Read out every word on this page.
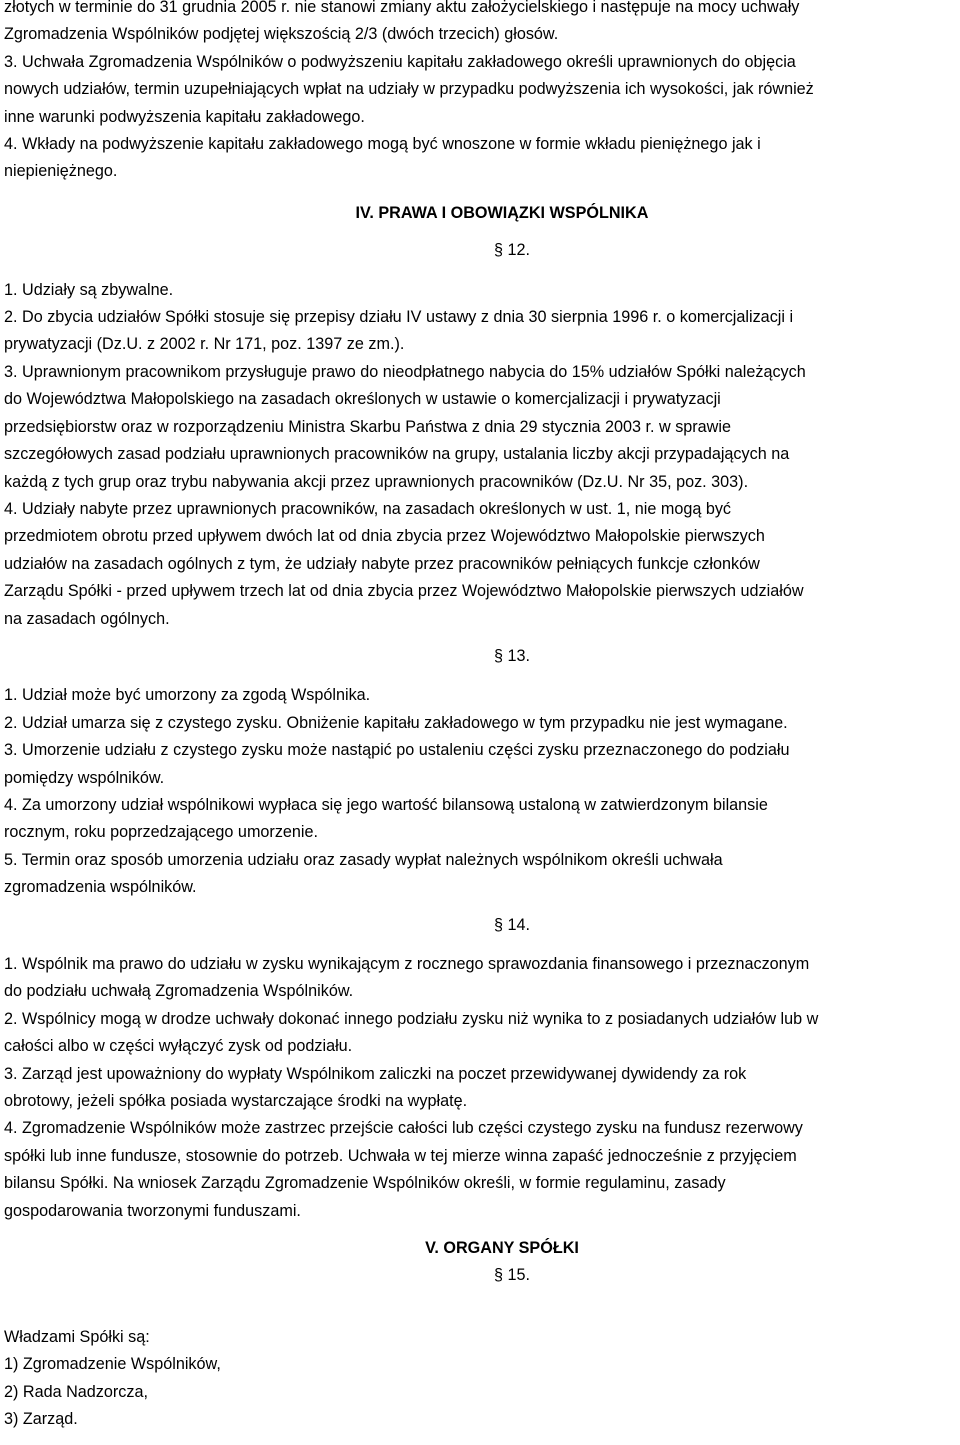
złotych w terminie do 31 grudnia 2005 r. nie stanowi zmiany aktu założycielskiego i następuje na mocy uchwały

Zgromadzenia Wspólników podjętej większością 2/3 (dwóch trzecich) głosów.

3. Uchwała Zgromadzenia Wspólników o podwyższeniu kapitału zakładowego określi uprawnionych do objęcia

nowych udziałów, termin uzupełniających wpłat na udziały w przypadku podwyższenia ich wysokości, jak również

inne warunki podwyższenia kapitału zakładowego.

4. Wkłady na podwyższenie kapitału zakładowego mogą być wnoszone w formie wkładu pieniężnego jak i

niepieniężnego.

IV. PRAWA I OBOWIĄZKI WSPÓLNIKA

§ 12.

1. Udziały są zbywalne.

2. Do zbycia udziałów Spółki stosuje się przepisy działu IV ustawy z dnia 30 sierpnia 1996 r. o komercjalizacji i

prywatyzacji (Dz.U. z 2002 r. Nr 171, poz. 1397 ze zm.).

3. Uprawnionym pracownikom przysługuje prawo do nieodpłatnego nabycia do 15% udziałów Spółki należących

do Województwa Małopolskiego na zasadach określonych w ustawie o komercjalizacji i prywatyzacji

przedsiębiorstw oraz w rozporządzeniu Ministra Skarbu Państwa z dnia 29 stycznia 2003 r. w sprawie

szczegółowych zasad podziału uprawnionych pracowników na grupy, ustalania liczby akcji przypadających na

każdą z tych grup oraz trybu nabywania akcji przez uprawnionych pracowników (Dz.U. Nr 35, poz. 303).

4. Udziały nabyte przez uprawnionych pracowników, na zasadach określonych w ust. 1, nie mogą być

przedmiotem obrotu przed upływem dwóch lat od dnia zbycia przez Województwo Małopolskie pierwszych

udziałów na zasadach ogólnych z tym, że udziały nabyte przez pracowników pełniących funkcje członków

Zarządu Spółki - przed upływem trzech lat od dnia zbycia przez Województwo Małopolskie pierwszych udziałów

na zasadach ogólnych.

§ 13.

1. Udział może być umorzony za zgodą Wspólnika.

2. Udział umarza się z czystego zysku. Obniżenie kapitału zakładowego w tym przypadku nie jest wymagane.

3. Umorzenie udziału z czystego zysku może nastąpić po ustaleniu części zysku przeznaczonego do podziału

pomiędzy wspólników.

4. Za umorzony udział wspólnikowi wypłaca się jego wartość bilansową ustaloną w zatwierdzonym bilansie

rocznym, roku poprzedzającego umorzenie.

5. Termin oraz sposób umorzenia udziału oraz zasady wypłat należnych wspólnikom określi uchwała

zgromadzenia wspólników.

§ 14.

1. Wspólnik ma prawo do udziału w zysku wynikającym z rocznego sprawozdania finansowego i przeznaczonym

do podziału uchwałą Zgromadzenia Wspólników.

2. Wspólnicy mogą w drodze uchwały dokonać innego podziału zysku niż wynika to z posiadanych udziałów lub w

całości albo w części wyłączyć zysk od podziału.

3. Zarząd jest upoważniony do wypłaty Wspólnikom zaliczki na poczet przewidywanej dywidendy za rok

obrotowy, jeżeli spółka posiada wystarczające środki na wypłatę.

4. Zgromadzenie Wspólników może zastrzec przejście całości lub części czystego zysku na fundusz rezerwowy

spółki lub inne fundusze, stosownie do potrzeb. Uchwała w tej mierze winna zapaść jednocześnie z przyjęciem

bilansu Spółki. Na wniosek Zarządu Zgromadzenie Wspólników określi, w formie regulaminu, zasady

gospodarowania tworzonymi funduszami.

V. ORGANY SPÓŁKI

§ 15.

Władzami Spółki są:

1) Zgromadzenie Wspólników,

2) Rada Nadzorcza,

3) Zarząd.
